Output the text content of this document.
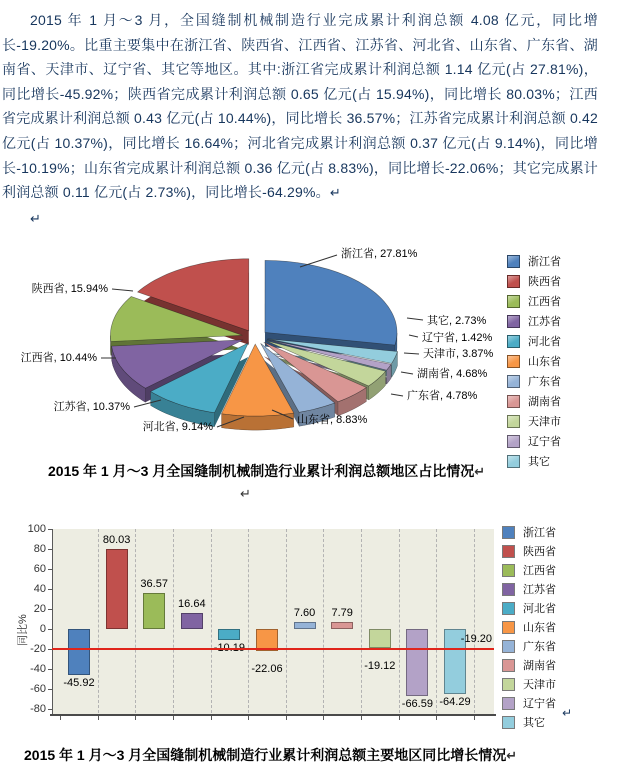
2015 年 1 月～3 月，全国缝制机械制造行业完成累计利润总额 4.08 亿元，同比增长-19.20%。比重主要集中在浙江省、陕西省、江西省、江苏省、河北省、山东省、广东省、湖南省、天津市、辽宁省、其它等地区。其中:浙江省完成累计利润总额 1.14 亿元(占 27.81%)，同比增长-45.92%；陕西省完成累计利润总额 0.65 亿元(占 15.94%)，同比增长 80.03%；江西省完成累计利润总额 0.43 亿元(占 10.44%)，同比增长 36.57%；江苏省完成累计利润总额 0.42 亿元(占 10.37%)，同比增长 16.64%；河北省完成累计利润总额 0.37 亿元(占 9.14%)，同比增长-10.19%；山东省完成累计利润总额 0.36 亿元(占 8.83%)，同比增长-22.06%；其它完成累计利润总额 0.11 亿元(占 2.73%)，同比增长-64.29%。↵

↵

浙江省, 27.81%
陕西省, 15.94%
江西省, 10.44%
江苏省, 10.37%
河北省, 9.14%
山东省, 8.83%
广东省, 4.78%
湖南省, 4.68%
天津市, 3.87%
辽宁省, 1.42%
其它, 2.73%
浙江省
陕西省
江西省
江苏省
河北省
山东省
广东省
湖南省
天津市
辽宁省
其它

2015 年 1 月～3 月全国缝制机械制造行业累计利润总额地区占比情况↵

↵

100
80
60
40
20
0
-20
-40
-60
-80
-45.92
80.03
36.57
16.64
-22.06
7.60	7.79
-19.12
-66.59 -64.29
-19.20
同比%
浙江省
陕西省
江西省
江苏省
河北省
山东省
广东省
湖南省
天津市
辽宁省
其它
↵

2015 年 1 月～3 月全国缝制机械制造行业累计利润总额主要地区同比增长情况↵
